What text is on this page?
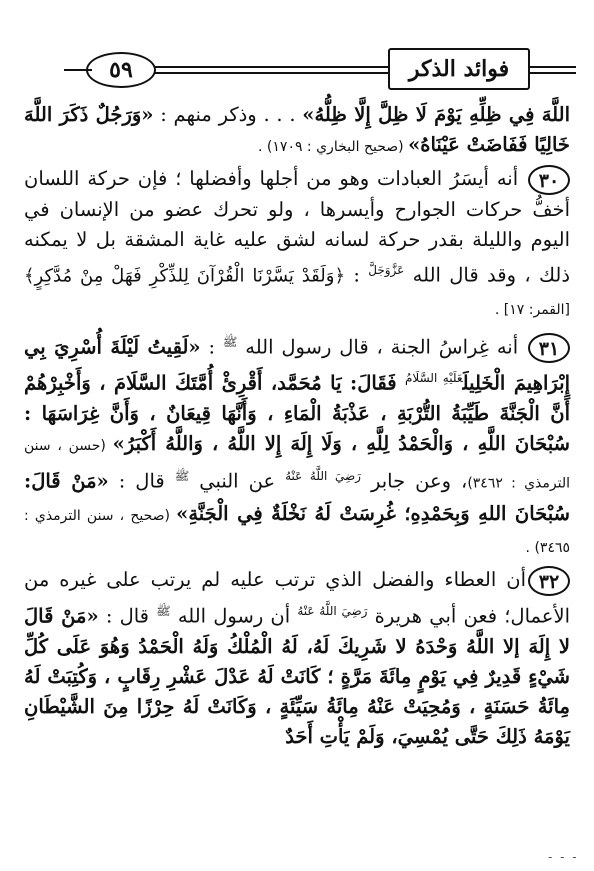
٥٩	فوائد الذكر

اللَّهَ فِي ظِلِّهِ يَوْمَ لَا ظِلَّ إِلَّا ظِلُّهُ» . . . وذكر منهم : «وَرَجُلٌ ذَكَرَ اللَّهَ خَالِيًا فَفَاضَتْ عَيْنَاهُ» (صحيح البخاري : ١٧٠٩) .

٣٠ أنه أيسَرُ العبادات وهو من أجلها وأفضلها ؛ فإن حركة اللسان أخفُّ حركات الجوارح وأيسرها ، ولو تحرك عضو من الإنسان في اليوم والليلة بقدر حركة لسانه لشق عليه غاية المشقة بل لا يمكنه ذلك ، وقد قال الله $^{عَزَّوَجَلَّ}$ : ﴿وَلَقَدْ يَسَّرْنَا الْقُرْآنَ لِلذِّكْرِ فَهَلْ مِنْ مُدَّكِرٍ﴾ [القمر: ١٧] .

٣١ أنه غِراسُ الجنة ، قال رسول الله $^ﷺ$ : «لَقِيتُ لَيْلَةَ أُسْرِيَ بِي إِبْرَاهِيمَ الْخَلِيلَ$^{عَلَيْهِ السَّلَامُ}$ فَقَالَ: يَا مُحَمَّد، أَقْرِئْ أُمَّتَكَ السَّلَامَ ، وَأَخْبِرْهُمْ أَنَّ الْجَنَّةَ طَيِّبَةُ التُّرْبَةِ ، عَذْبَةُ الْمَاءِ ، وَأَنَّهَا قِيعَانٌ ، وَأَنَّ غِرَاسَهَا : سُبْحَانَ اللَّهِ ، وَالْحَمْدُ لِلَّهِ ، وَلَا إِلَهَ إِلا اللَّهُ ، وَاللَّهُ أَكْبَرُ» (حسن ، سنن الترمذي : ٣٤٦٢)، وعن جابر $^{رَضِيَ اللَّهُ عَنْهُ}$ عن النبي $^ﷺ$ قال : «مَنْ قَالَ: سُبْحَانَ اللهِ وَبِحَمْدِهِ؛ غُرِسَتْ لَهُ نَخْلَةٌ فِي الْجَنَّةِ» (صحيح ، سنن الترمذي : ٣٤٦٥) .

٣٢أن العطاء والفضل الذي ترتب عليه لم يرتب على غيره من الأعمال؛ فعن أبي هريرة $^{رَضِيَ اللَّهُ عَنْهُ}$ أن رسول الله $^ﷺ$ قال : «مَنْ قَالَ لا إِلَهَ إلا اللَّهُ وَحْدَهُ لا شَرِيكَ لَهُ، لَهُ الْمُلْكُ وَلَهُ الْحَمْدُ وَهُوَ عَلَى كُلِّ شَيْءٍ قَدِيرٌ فِي يَوْمٍ مِائَةَ مَرَّةٍ ؛ كَانَتْ لَهُ عَدْلَ عَشْرِ رِقَابٍ ، وَكُتِبَتْ لَهُ مِائَةُ حَسَنَةٍ ، وَمُحِيَتْ عَنْهُ مِائَةُ سَيِّئَةٍ ، وَكَانَتْ لَهُ حِرْزًا مِنَ الشَّيْطَانِ يَوْمَهُ ذَلِكَ حَتَّى يُمْسِيَ، وَلَمْ يَأْتِ أَحَدٌ

- - -
